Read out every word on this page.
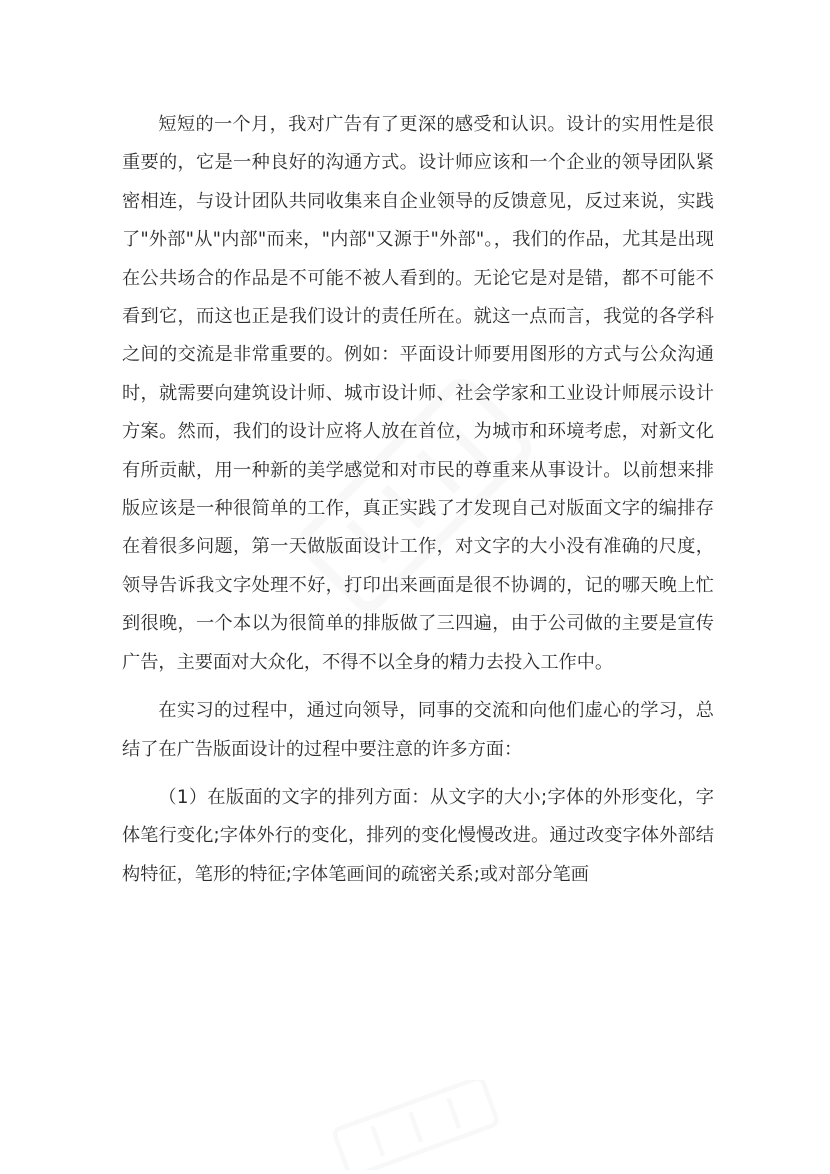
短短的一个月，我对广告有了更深的感受和认识。设计的实用性是很重要的，它是一种良好的沟通方式。设计师应该和一个企业的领导团队紧密相连，与设计团队共同收集来自企业领导的反馈意见，反过来说，实践了"外部"从"内部"而来，"内部"又源于"外部"。，我们的作品，尤其是出现在公共场合的作品是不可能不被人看到的。无论它是对是错，都不可能不看到它，而这也正是我们设计的责任所在。就这一点而言，我觉的各学科之间的交流是非常重要的。例如：平面设计师要用图形的方式与公众沟通时，就需要向建筑设计师、城市设计师、社会学家和工业设计师展示设计方案。然而，我们的设计应将人放在首位，为城市和环境考虑，对新文化有所贡献，用一种新的美学感觉和对市民的尊重来从事设计。以前想来排版应该是一种很简单的工作，真正实践了才发现自己对版面文字的编排存在着很多问题，第一天做版面设计工作，对文字的大小没有准确的尺度，领导告诉我文字处理不好，打印出来画面是很不协调的，记的哪天晚上忙到很晚，一个本以为很简单的排版做了三四遍，由于公司做的主要是宣传广告，主要面对大众化，不得不以全身的精力去投入工作中。

在实习的过程中，通过向领导，同事的交流和向他们虚心的学习，总结了在广告版面设计的过程中要注意的许多方面：

（1）在版面的文字的排列方面：从文字的大小;字体的外形变化，字体笔行变化;字体外行的变化，排列的变化慢慢改进。通过改变字体外部结构特征，笔形的特征;字体笔画间的疏密关系;或对部分笔画
